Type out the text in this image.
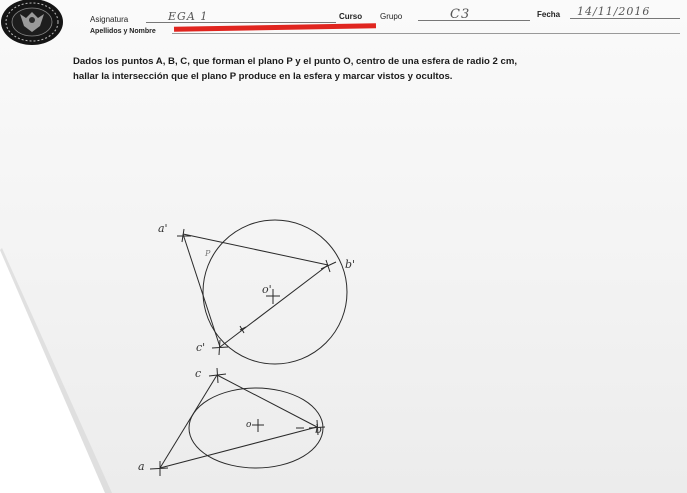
Asignatura	EGA 1	Curso Grupo	C3	Fecha 14/11/2016
Apellidos y Nombre
Dados los puntos A, B, C, que forman el plano P y el punto O, centro de una esfera de radio 2 cm,
hallar la intersección que el plano P produce en la esfera y marcar vistos y ocultos.
a'
b'
c'
o'
P
c
b
a
o
